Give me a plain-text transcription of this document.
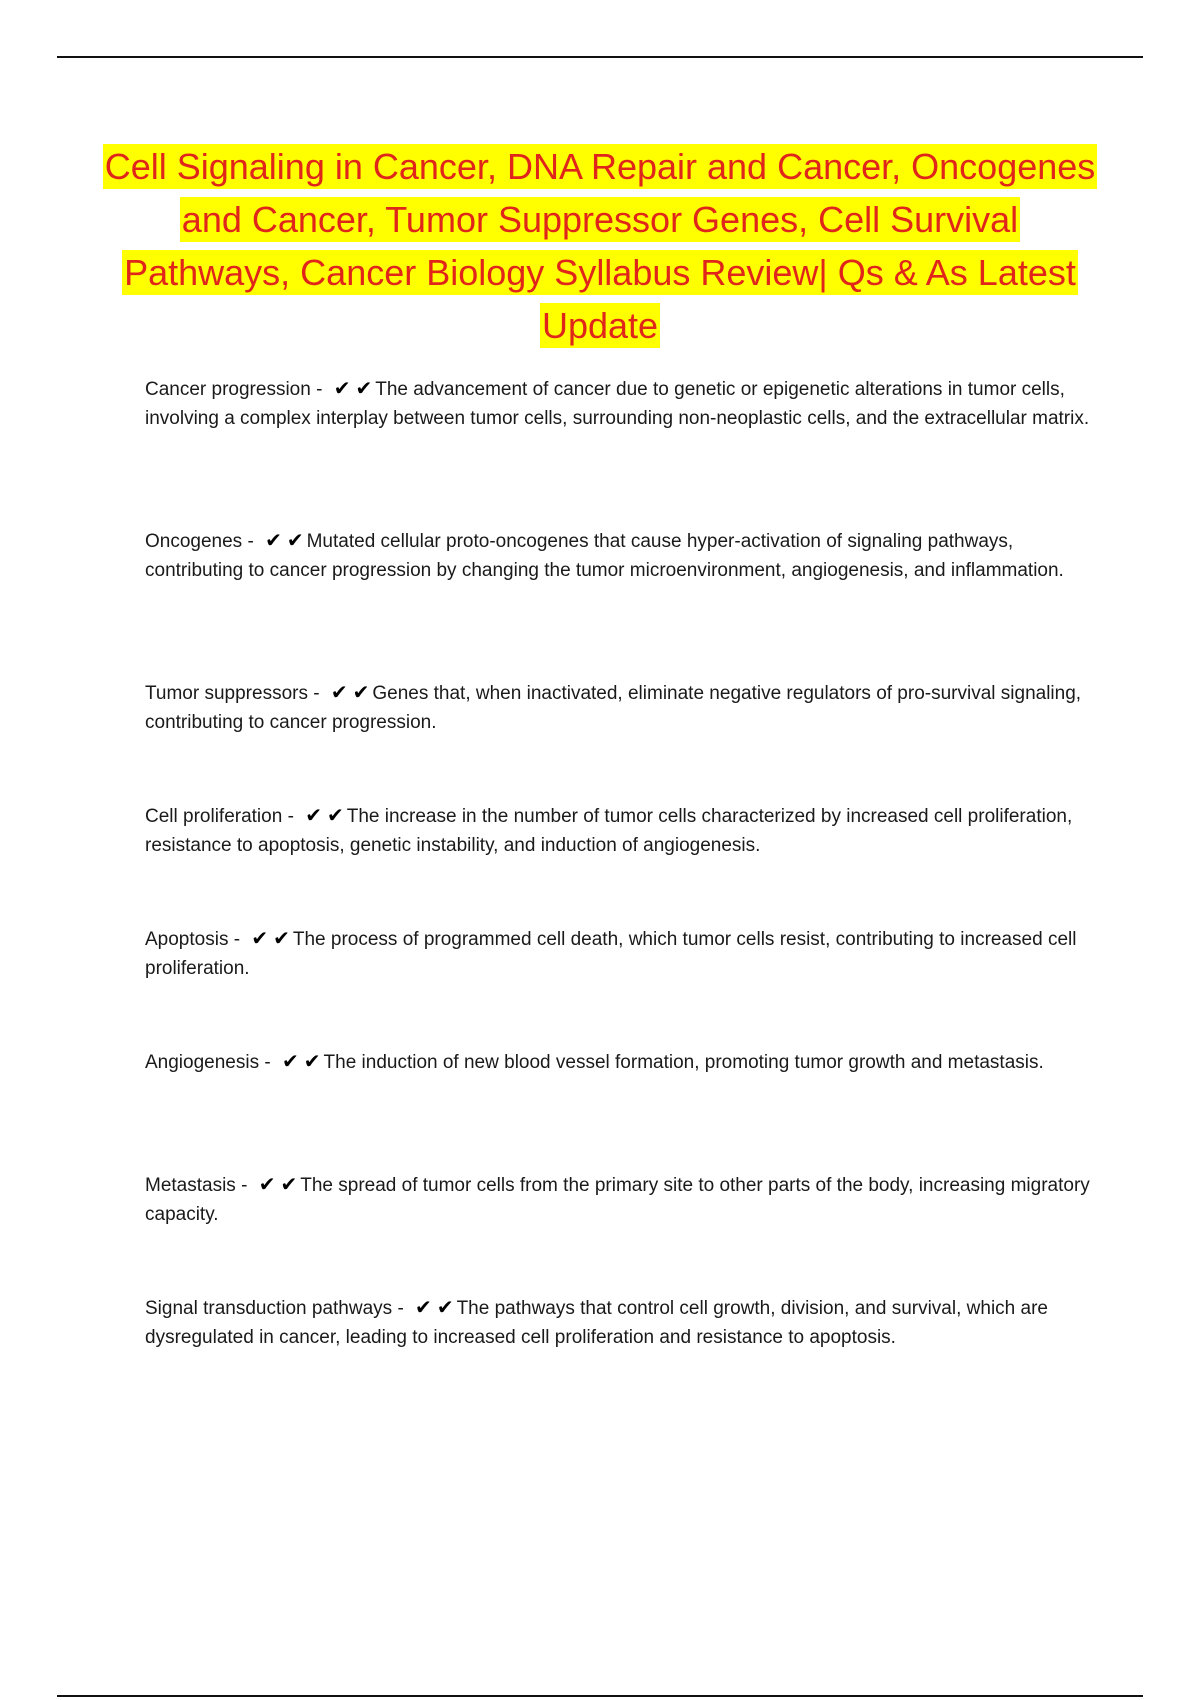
Cell Signaling in Cancer, DNA Repair and Cancer, Oncogenes and Cancer, Tumor Suppressor Genes, Cell Survival Pathways, Cancer Biology Syllabus Review| Qs & As Latest Update
Cancer progression - ✔ ✔ The advancement of cancer due to genetic or epigenetic alterations in tumor cells, involving a complex interplay between tumor cells, surrounding non-neoplastic cells, and the extracellular matrix.
Oncogenes - ✔ ✔ Mutated cellular proto-oncogenes that cause hyper-activation of signaling pathways, contributing to cancer progression by changing the tumor microenvironment, angiogenesis, and inflammation.
Tumor suppressors - ✔ ✔ Genes that, when inactivated, eliminate negative regulators of pro-survival signaling, contributing to cancer progression.
Cell proliferation - ✔ ✔ The increase in the number of tumor cells characterized by increased cell proliferation, resistance to apoptosis, genetic instability, and induction of angiogenesis.
Apoptosis - ✔ ✔ The process of programmed cell death, which tumor cells resist, contributing to increased cell proliferation.
Angiogenesis - ✔ ✔ The induction of new blood vessel formation, promoting tumor growth and metastasis.
Metastasis - ✔ ✔ The spread of tumor cells from the primary site to other parts of the body, increasing migratory capacity.
Signal transduction pathways - ✔ ✔ The pathways that control cell growth, division, and survival, which are dysregulated in cancer, leading to increased cell proliferation and resistance to apoptosis.
